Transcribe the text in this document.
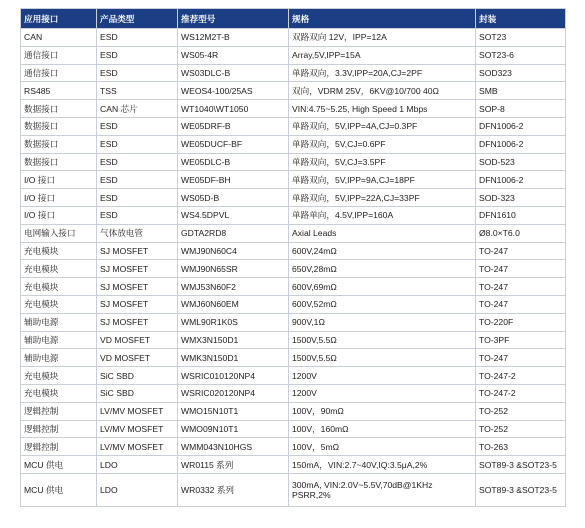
应用接口	产品类型	推荐型号	规格	封装
CAN	ESD	WS12M2T-B	双路双向 12V，IPP=12A	SOT23
通信接口	ESD	WS05-4R	Array,5V,IPP=15A	SOT23-6
通信接口	ESD	WS03DLC-B	单路双向，3.3V,IPP=20A,CJ=2PF	SOD323
RS485	TSS	WEOS4-100/25AS	双向，VDRM 25V，6KV@10/700 40Ω	SMB
数据接口	CAN 芯片	WT1040\WT1050	VIN:4.75~5.25, High Speed 1 Mbps	SOP-8
数据接口	ESD	WE05DRF-B	单路双向，5V,IPP=4A,CJ=0.3PF	DFN1006-2
数据接口	ESD	WE05DUCF-BF	单路双向，5V,CJ=0.6PF	DFN1006-2
数据接口	ESD	WE05DLC-B	单路双向，5V,CJ=3.5PF	SOD-523
I/O 接口	ESD	WE05DF-BH	单路双向，5V,IPP=9A,CJ=18PF	DFN1006-2
I/O 接口	ESD	WS05D-B	单路双向，5V,IPP=22A,CJ=33PF	SOD-323
I/O 接口	ESD	WS4.5DPVL	单路单向，4.5V,IPP=160A	DFN1610
电网输入接口	气体放电管	GDTA2RD8	Axial Leads	Ø8.0×T6.0
充电模块	SJ MOSFET	WMJ90N60C4	600V,24mΩ	TO-247
充电模块	SJ MOSFET	WMJ90N65SR	650V,28mΩ	TO-247
充电模块	SJ MOSFET	WMJ53N60F2	600V,69mΩ	TO-247
充电模块	SJ MOSFET	WMJ60N60EM	600V,52mΩ	TO-247
辅助电源	SJ MOSFET	WML90R1K0S	900V,1Ω	TO-220F
辅助电源	VD MOSFET	WMX3N150D1	1500V,5.5Ω	TO-3PF
辅助电源	VD MOSFET	WMK3N150D1	1500V,5.5Ω	TO-247
充电模块	SiC SBD	WSRIC010120NP4	1200V	TO-247-2
充电模块	SiC SBD	WSRIC020120NP4	1200V	TO-247-2
逻辑控制	LV/MV MOSFET	WMO15N10T1	100V，90mΩ	TO-252
逻辑控制	LV/MV MOSFET	WMO09N10T1	100V，160mΩ	TO-252
逻辑控制	LV/MV MOSFET	WMM043N10HGS	100V，5mΩ	TO-263
MCU 供电	LDO	WR0115 系列	150mA，VIN:2.7~40V,IQ:3.5μA,2%	SOT89-3 &SOT23-5
MCU 供电	LDO	WR0332 系列	300mA, VIN:2.0V~5.5V,70dB@1KHz PSRR,2%	SOT89-3 &SOT23-5
